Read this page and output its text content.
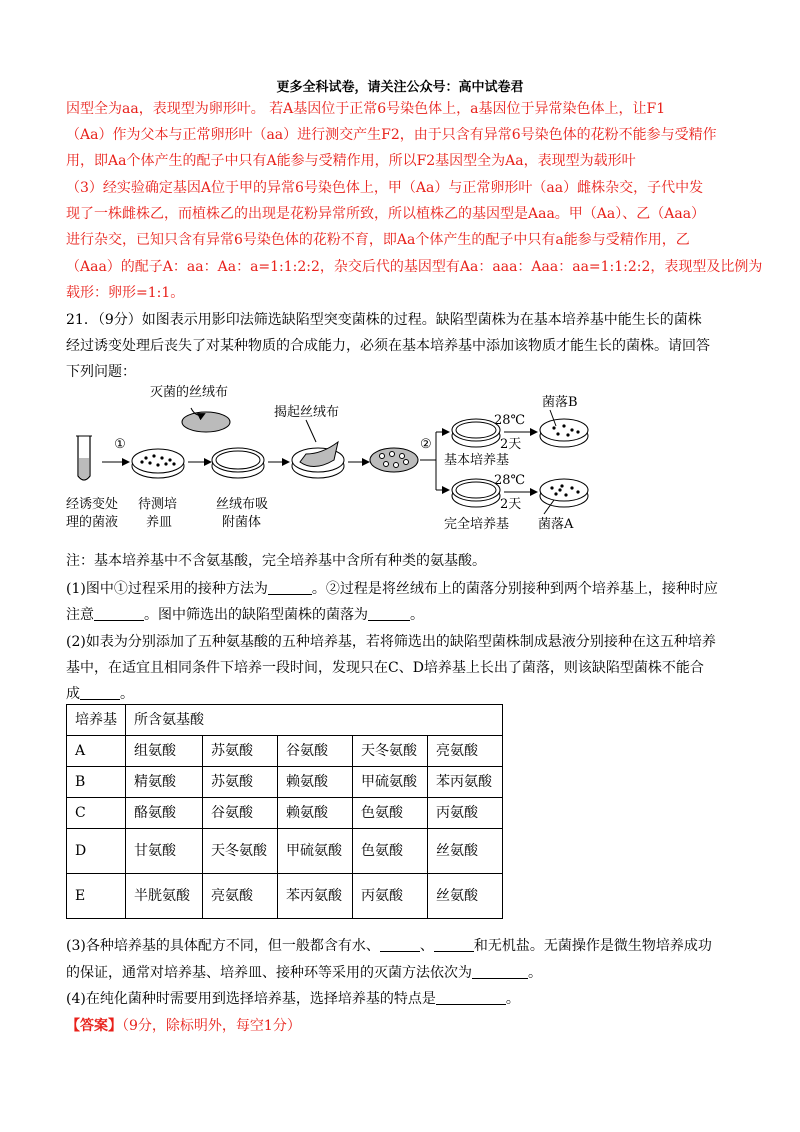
更多全科试卷，请关注公众号：高中试卷君
因型全为aa，表现型为卵形叶。 若A基因位于正常6号染色体上，a基因位于异常染色体上，让F1
（Aa）作为父本与正常卵形叶（aa）进行测交产生F2，由于只含有异常6号染色体的花粉不能参与受精作
用，即Aa个体产生的配子中只有A能参与受精作用，所以F2基因型全为Aa，表现型为载形叶
（3）经实验确定基因A位于甲的异常6号染色体上，甲（Aa）与正常卵形叶（aa）雌株杂交，子代中发
现了一株雌株乙，而植株乙的出现是花粉异常所致，所以植株乙的基因型是Aaa。甲（Aa）、乙（Aaa）
进行杂交，已知只含有异常6号染色体的花粉不育，即Aa个体产生的配子中只有a能参与受精作用，乙
（Aaa）的配子A：aa：Aa：a=1:1:2:2，杂交后代的基因型有Aa：aaa：Aaa：aa=1:1:2:2，表现型及比例为
载形：卵形=1:1。
21．（9分）如图表示用影印法筛选缺陷型突变菌株的过程。缺陷型菌株为在基本培养基中能生长的菌株
经过诱变处理后丧失了对某种物质的合成能力，必须在基本培养基中添加该物质才能生长的菌株。请回答
下列问题：
①
灭菌的丝绒布
揭起丝绒布
②
28℃
2天
基本培养基
菌落B
28℃
2天
完全培养基 菌落A
经诱变处
理的菌液
待测培
养皿
丝绒布吸
附菌体
注：基本培养基中不含氨基酸，完全培养基中含所有种类的氨基酸。
(1)图中①过程采用的接种方法为	。②过程是将丝绒布上的菌落分别接种到两个培养基上，接种时应
注意	。图中筛选出的缺陷型菌株的菌落为	。
(2)如表为分别添加了五种氨基酸的五种培养基，若将筛选出的缺陷型菌株制成悬液分别接种在这五种培养
基中，在适宜且相同条件下培养一段时间，发现只在C、D培养基上长出了菌落，则该缺陷型菌株不能合
成	。
培养基	所含氨基酸				
A	组氨酸	苏氨酸	谷氨酸	天冬氨酸	亮氨酸
B	精氨酸	苏氨酸	赖氨酸	甲硫氨酸	苯丙氨酸
C	酪氨酸	谷氨酸	赖氨酸	色氨酸	丙氨酸
D	甘氨酸	天冬氨酸	甲硫氨酸	色氨酸	丝氨酸
E	半胱氨酸	亮氨酸	苯丙氨酸	丙氨酸	丝氨酸
(3)各种培养基的具体配方不同，但一般都含有水、	、	和无机盐。无菌操作是微生物培养成功
的保证，通常对培养基、培养皿、接种环等采用的灭菌方法依次为	。
(4)在纯化菌种时需要用到选择培养基，选择培养基的特点是	。
【答案】（9分，除标明外，每空1分）
